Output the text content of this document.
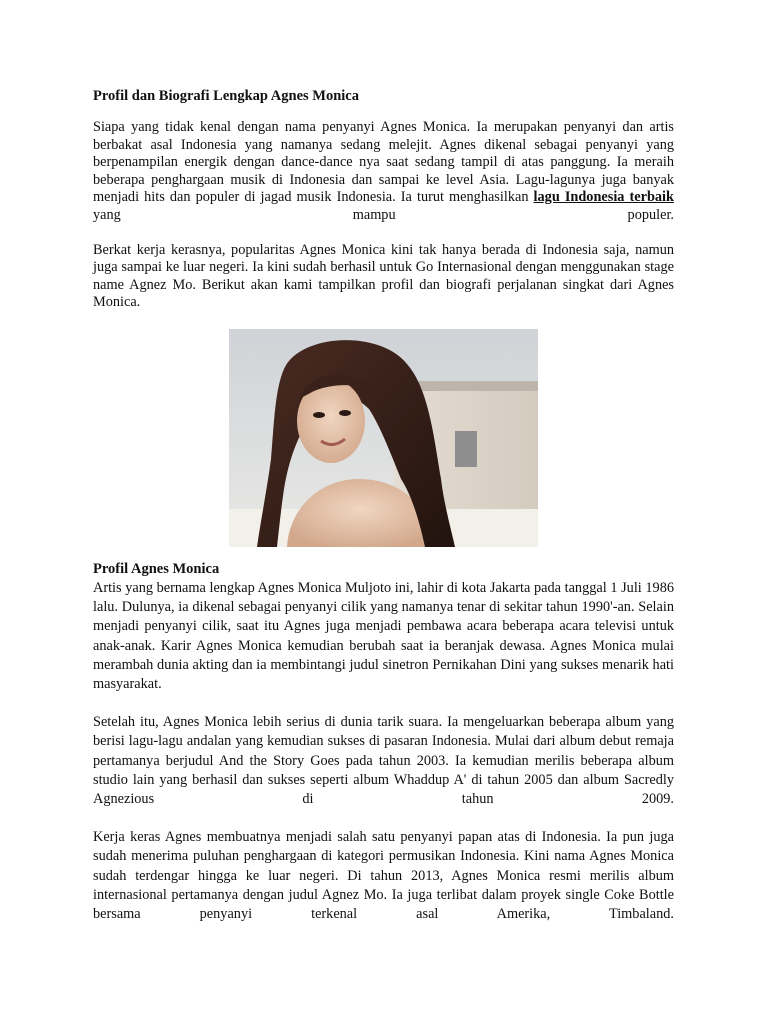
Profil dan Biografi Lengkap Agnes Monica

Siapa yang tidak kenal dengan nama penyanyi Agnes Monica. Ia merupakan penyanyi dan artis berbakat asal Indonesia yang namanya sedang melejit. Agnes dikenal sebagai penyanyi yang berpenampilan energik dengan dance-dance nya saat sedang tampil di atas panggung. Ia meraih beberapa penghargaan musik di Indonesia dan sampai ke level Asia. Lagu-lagunya juga banyak menjadi hits dan populer di jagad musik Indonesia. Ia turut menghasilkan lagu Indonesia terbaik yang mampu populer.

Berkat kerja kerasnya, popularitas Agnes Monica kini tak hanya berada di Indonesia saja, namun juga sampai ke luar negeri. Ia kini sudah berhasil untuk Go Internasional dengan menggunakan stage name Agnez Mo. Berikut akan kami tampilkan profil dan biografi perjalanan singkat dari Agnes Monica.

Profil Agnes Monica

Artis yang bernama lengkap Agnes Monica Muljoto ini, lahir di kota Jakarta pada tanggal 1 Juli 1986 lalu. Dulunya, ia dikenal sebagai penyanyi cilik yang namanya tenar di sekitar tahun 1990'-an. Selain menjadi penyanyi cilik, saat itu Agnes juga menjadi pembawa acara beberapa acara televisi untuk anak-anak. Karir Agnes Monica kemudian berubah saat ia beranjak dewasa. Agnes Monica mulai merambah dunia akting dan ia membintangi judul sinetron Pernikahan Dini yang sukses menarik hati masyarakat.

Setelah itu, Agnes Monica lebih serius di dunia tarik suara. Ia mengeluarkan beberapa album yang berisi lagu-lagu andalan yang kemudian sukses di pasaran Indonesia. Mulai dari album debut remaja pertamanya berjudul And the Story Goes pada tahun 2003. Ia kemudian merilis beberapa album studio lain yang berhasil dan sukses seperti album Whaddup A' di tahun 2005 dan album Sacredly Agnezious di tahun 2009.

Kerja keras Agnes membuatnya menjadi salah satu penyanyi papan atas di Indonesia. Ia pun juga sudah menerima puluhan penghargaan di kategori permusikan Indonesia. Kini nama Agnes Monica sudah terdengar hingga ke luar negeri. Di tahun 2013, Agnes Monica resmi merilis album internasional pertamanya dengan judul Agnez Mo. Ia juga terlibat dalam proyek single Coke Bottle bersama penyanyi terkenal asal Amerika, Timbaland.
